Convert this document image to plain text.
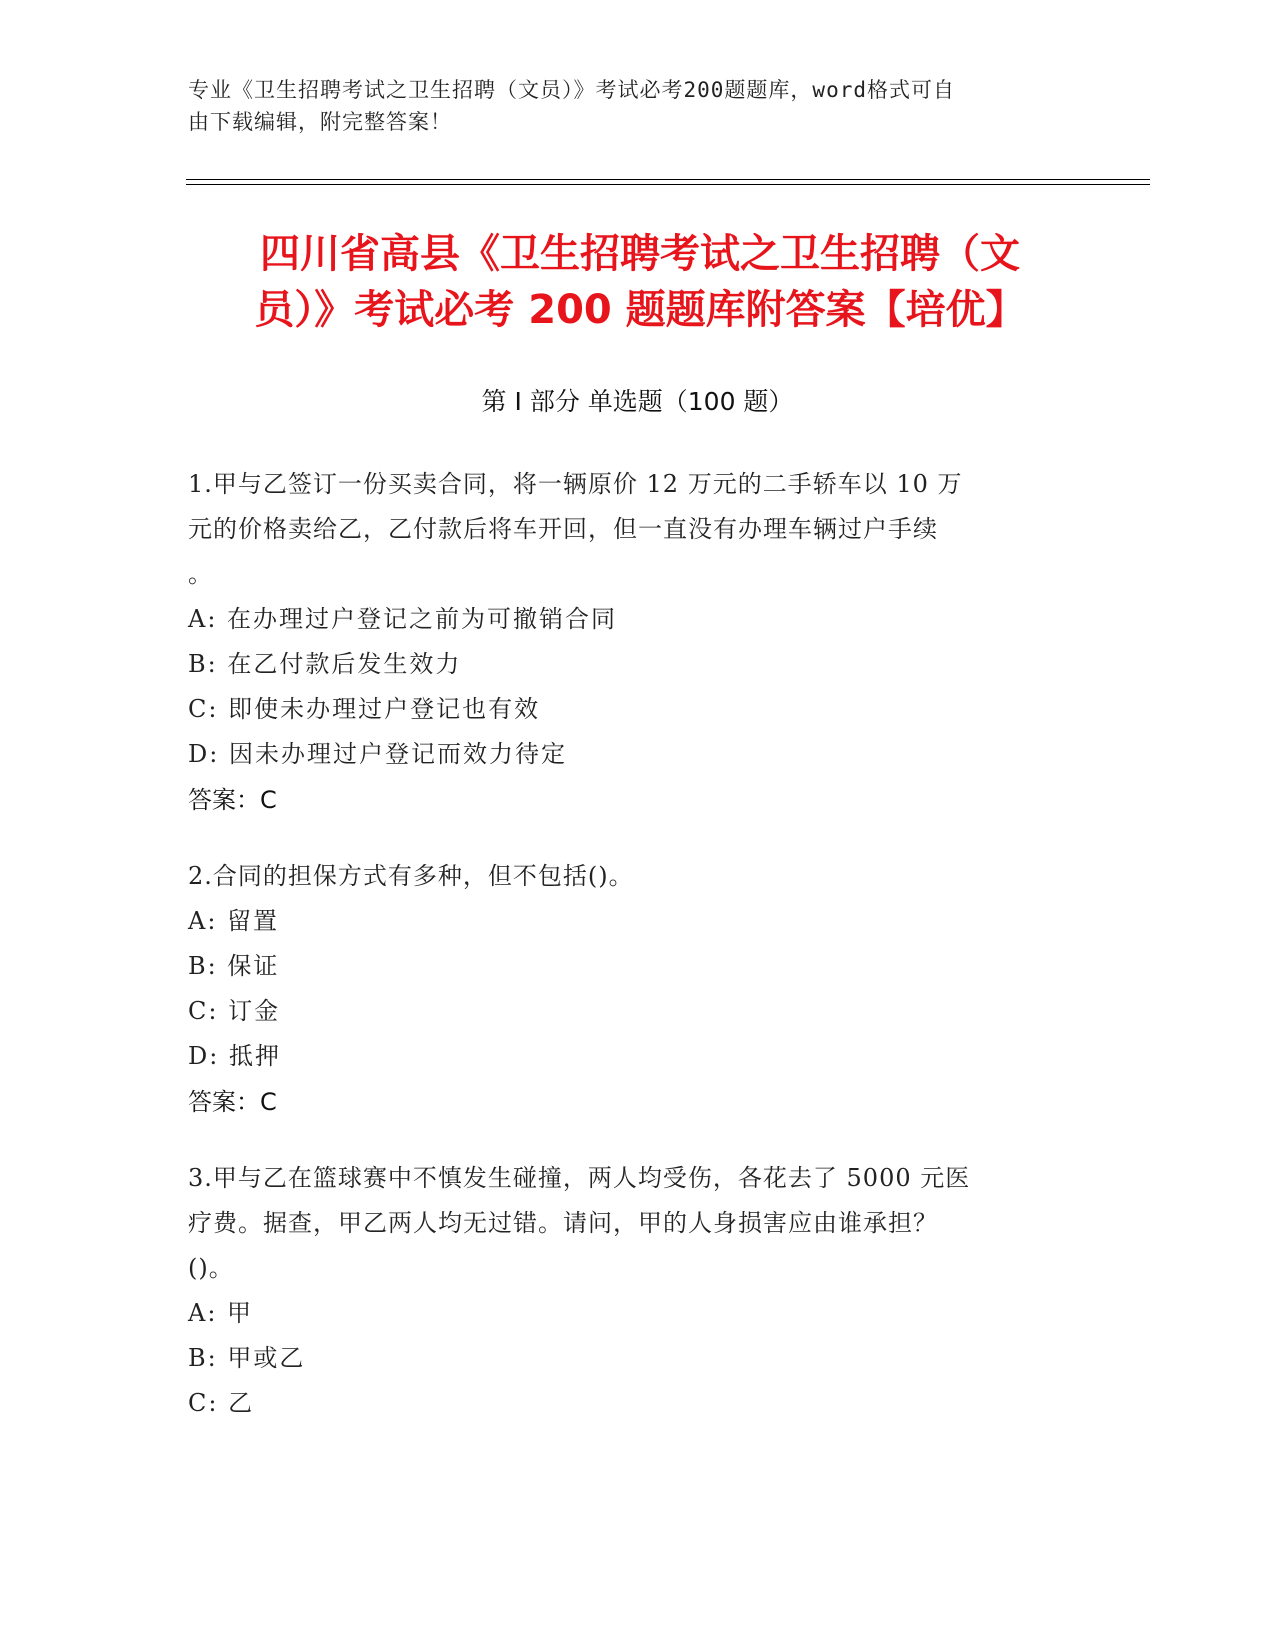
专业《卫生招聘考试之卫生招聘（文员）》考试必考200题题库，word格式可自
由下载编辑，附完整答案！
四川省高县《卫生招聘考试之卫生招聘（文
员）》考试必考 200 题题库附答案【培优】
第 I 部分 单选题（100 题）
1.甲与乙签订一份买卖合同，将一辆原价 12 万元的二手轿车以 10 万
元的价格卖给乙，乙付款后将车开回，但一直没有办理车辆过户手续
。
A: 在办理过户登记之前为可撤销合同
B: 在乙付款后发生效力
C: 即使未办理过户登记也有效
D: 因未办理过户登记而效力待定
答案：C
2.合同的担保方式有多种，但不包括()。
A: 留置
B: 保证
C: 订金
D: 抵押
答案：C
3.甲与乙在篮球赛中不慎发生碰撞，两人均受伤，各花去了 5000 元医
疗费。据查，甲乙两人均无过错。请问，甲的人身损害应由谁承担？
()。
A: 甲
B: 甲或乙
C: 乙
